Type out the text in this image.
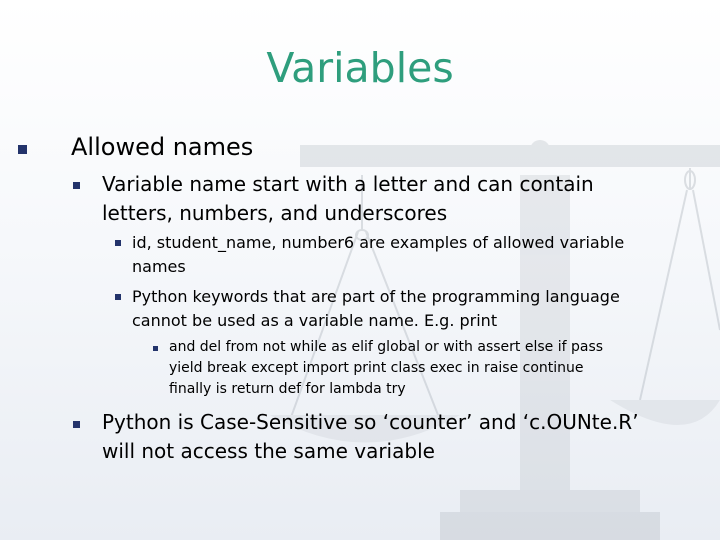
Variables
Allowed names
Variable name start with a letter and can contain
letters, numbers, and underscores
id, student_name, number6 are examples of allowed variable
names
Python keywords that are part of the programming language
cannot be used as a variable name. E.g. print
and del from not while as elif global or with assert else if pass
yield break except import print class exec in raise continue
finally is return def for lambda try
Python is Case-Sensitive so ‘counter’ and ‘c.OUNte.R’
will not access the same variable
